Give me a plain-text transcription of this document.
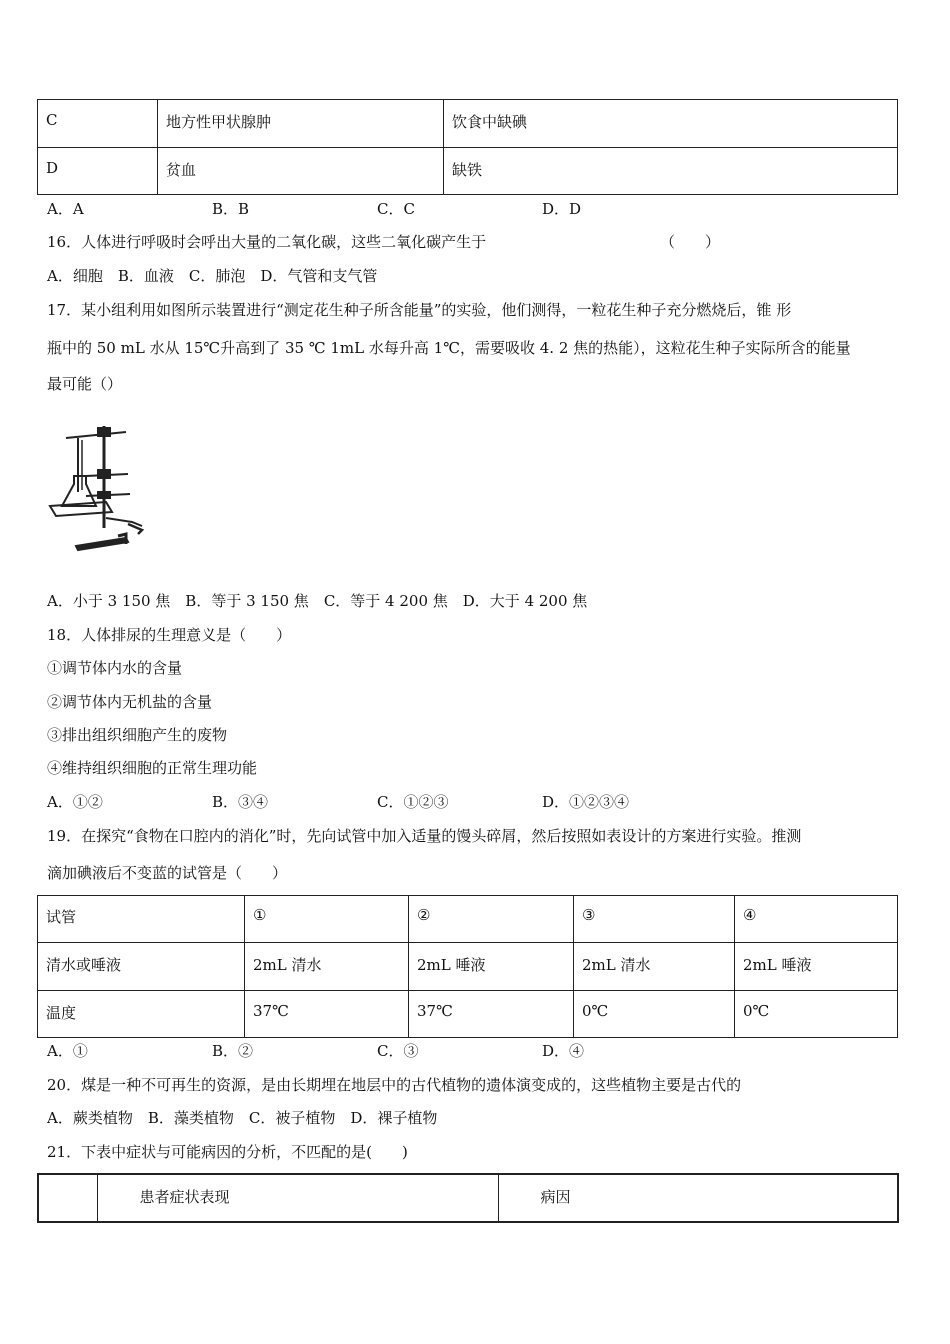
C	地方性甲状腺肿	饮食中缺碘
D	贫血	缺铁
A．A	B．B	C．C	D．D
16．人体进行呼吸时会呼出大量的二氧化碳，这些二氧化碳产生于	（　　）
A．细胞　B．血液　C．肺泡　D．气管和支气管
17．某小组利用如图所示装置进行“测定花生种子所含能量”的实验，他们测得，一粒花生种子充分燃烧后，锥 形
瓶中的 50 mL 水从 15℃升高到了 35 ℃ 1mL 水每升高 1℃，需要吸收 4. 2 焦的热能），这粒花生种子实际所含的能量
最可能（）
A．小于 3 150 焦　B．等于 3 150 焦　C．等于 4 200 焦　D．大于 4 200 焦
18．人体排尿的生理意义是（　　）
①调节体内水的含量
②调节体内无机盐的含量
③排出组织细胞产生的废物
④维持组织细胞的正常生理功能
A．①②	B．③④	C．①②③	D．①②③④
19．在探究“食物在口腔内的消化”时，先向试管中加入适量的馒头碎屑，然后按照如表设计的方案进行实验。推测
滴加碘液后不变蓝的试管是（　　）
试管	①	②	③	④
清水或唾液	2mL 清水	2mL 唾液	2mL 清水	2mL 唾液
温度	37℃	37℃	0℃	0℃
A．①	B．②	C．③	D．④
20．煤是一种不可再生的资源，是由长期埋在地层中的古代植物的遗体演变成的，这些植物主要是古代的
A．蕨类植物　B．藻类植物　C．被子植物　D．裸子植物
21．下表中症状与可能病因的分析，不匹配的是(　　)
	患者症状表现	病因
